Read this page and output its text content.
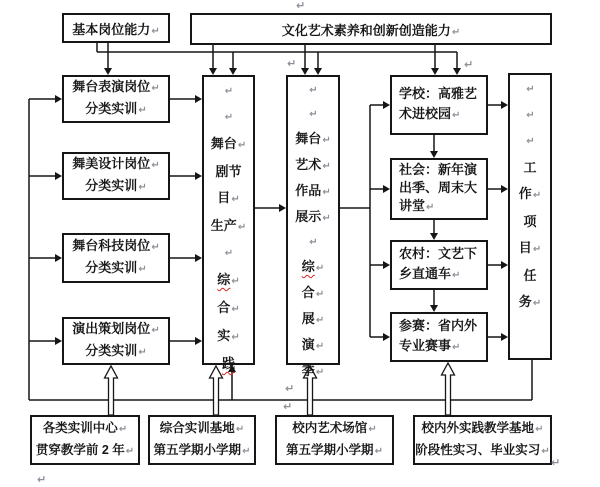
基本岗位能力↵	文化艺术素养和创新创造能力↵
舞台表演岗位↵
分类实训↵
舞美设计岗位↵
分类实训↵
舞台科技岗位↵
分类实训↵
演出策划岗位↵
分类实训↵
↵
↵
舞台↵
剧节
目↵
生产↵
↵
综↵
合↵
实↵
践
↵
↵
舞台↵
艺术↵
作品↵
展示↵
↵
综↵
合↵
展↵
演↵
季↵
学校：高雅艺
术进校园↵
社会：新年演
出季、周末大
讲堂↵
农村：文艺下
乡直通车↵
参赛：省内外
专业赛事↵
↵
↵
↵
工
作↵
项
目↵
任
务↵
各类实训中心↵
贯穿教学前 2 年↵
综合实训基地↵
第五学期小学期↵
校内艺术场馆↵
第五学期小学期↵
校内外实践教学基地↵
阶段性实习、毕业实习↵
↵
↵	↵
↵
↵
↵
↵
